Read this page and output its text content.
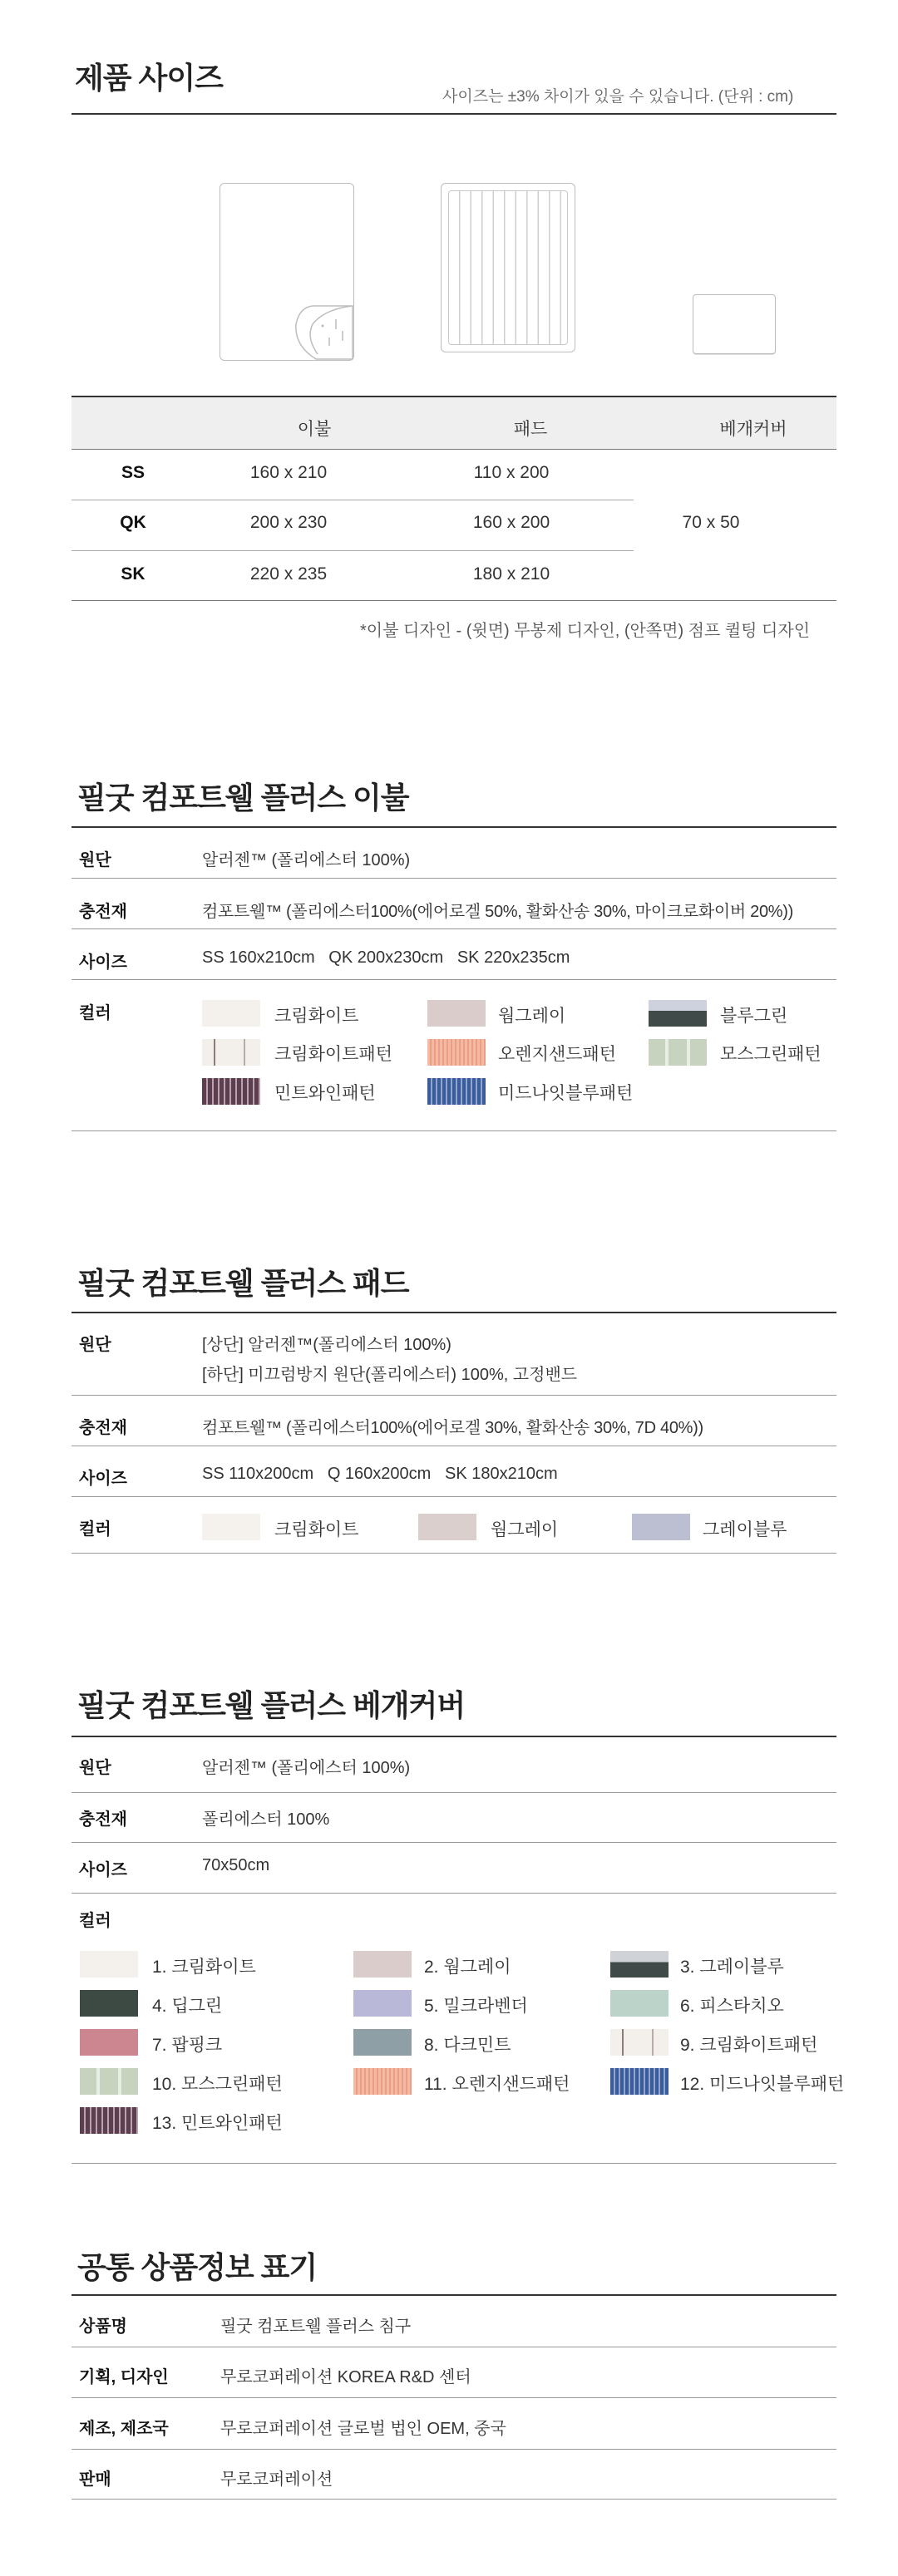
제품 사이즈
사이즈는 ±3% 차이가 있을 수 있습니다. (단위 : cm)
이불	패드	베개커버
SS	160 x 210	110 x 200
QK	200 x 230	160 x 200	70 x 50
SK	220 x 235	180 x 210
*이불 디자인 - (윗면) 무봉제 디자인, (안쪽면) 점프 퀼팅 디자인
필굿 컴포트웰 플러스 이불
원단	알러젠™ (폴리에스터 100%)
충전재	컴포트웰™ (폴리에스터100%(에어로겔 50%, 활화산송 30%, 마이크로화이버 20%))
사이즈	SS 160x210cm   QK 200x230cm   SK 220x235cm
컬러	크림화이트	웜그레이	블루그린
크림화이트패턴	오렌지샌드패턴	모스그린패턴
민트와인패턴	미드나잇블루패턴
필굿 컴포트웰 플러스 패드
원단	[상단] 알러젠™(폴리에스터 100%)
[하단] 미끄럼방지 원단(폴리에스터) 100%, 고정밴드
충전재	컴포트웰™ (폴리에스터100%(에어로겔 30%, 활화산송 30%, 7D 40%))
사이즈	SS 110x200cm   Q 160x200cm   SK 180x210cm
컬러	크림화이트	웜그레이	그레이블루
필굿 컴포트웰 플러스 베개커버
원단	알러젠™ (폴리에스터 100%)
충전재	폴리에스터 100%
사이즈	70x50cm
컬러
1. 크림화이트	2. 웜그레이	3. 그레이블루
4. 딥그린	5. 밀크라벤더	6. 피스타치오
7. 팝핑크	8. 다크민트	9. 크림화이트패턴
10. 모스그린패턴	11. 오렌지샌드패턴	12. 미드나잇블루패턴
13. 민트와인패턴
공통 상품정보 표기
상품명	필굿 컴포트웰 플러스 침구
기획, 디자인	무로코퍼레이션 KOREA R&D 센터
제조, 제조국	무로코퍼레이션 글로벌 법인 OEM, 중국
판매	무로코퍼레이션
